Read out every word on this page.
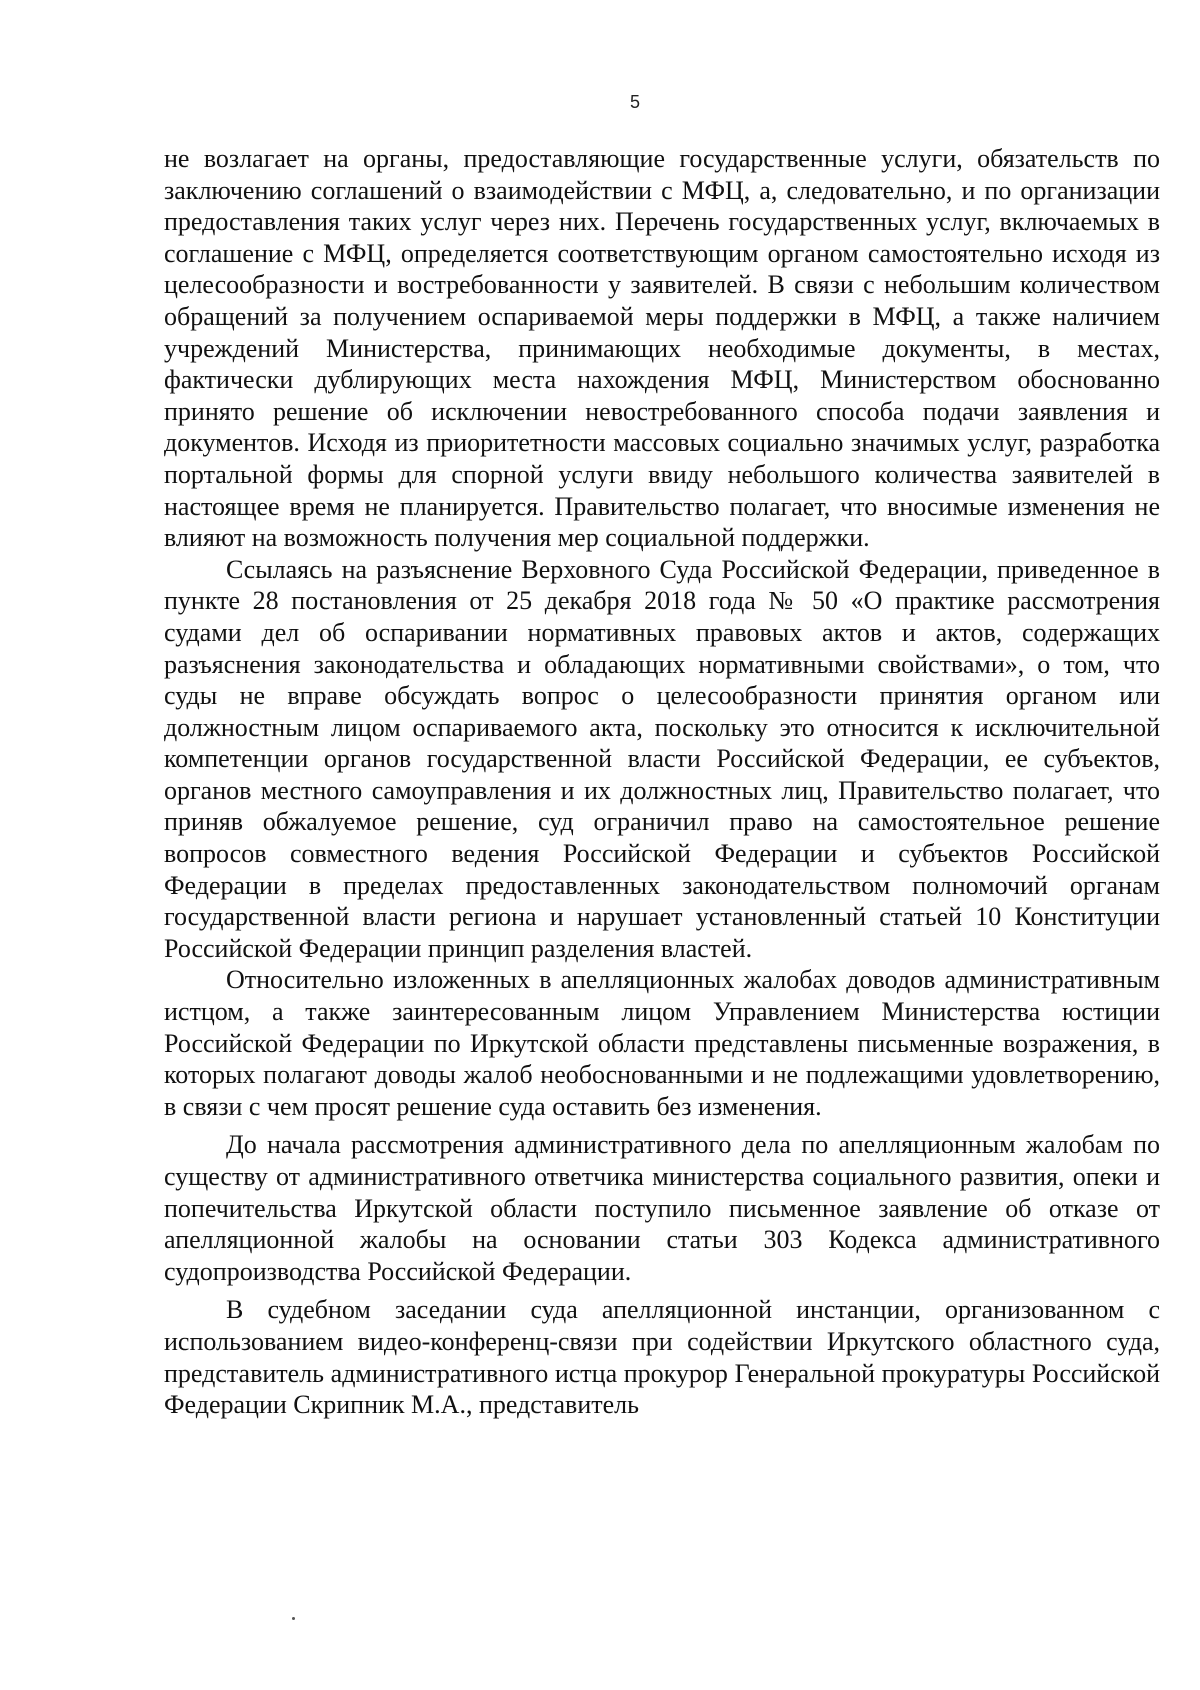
5

не возлагает на органы, предоставляющие государственные услуги, обязательств по заключению соглашений о взаимодействии с МФЦ, а, следовательно, и по организации предоставления таких услуг через них. Перечень государственных услуг, включаемых в соглашение с МФЦ, определяется соответствующим органом самостоятельно исходя из целесообразности и востребованности у заявителей. В связи с небольшим количеством обращений за получением оспариваемой меры поддержки в МФЦ, а также наличием учреждений Министерства, принимающих необходимые документы, в местах, фактически дублирующих места нахождения МФЦ, Министерством обоснованно принято решение об исключении невостребованного способа подачи заявления и документов. Исходя из приоритетности массовых социально значимых услуг, разработка портальной формы для спорной услуги ввиду небольшого количества заявителей в настоящее время не планируется. Правительство полагает, что вносимые изменения не влияют на возможность получения мер социальной поддержки.

Ссылаясь на разъяснение Верховного Суда Российской Федерации, приведенное в пункте 28 постановления от 25 декабря 2018 года № 50 «О практике рассмотрения судами дел об оспаривании нормативных правовых актов и актов, содержащих разъяснения законодательства и обладающих нормативными свойствами», о том, что суды не вправе обсуждать вопрос о целесообразности принятия органом или должностным лицом оспариваемого акта, поскольку это относится к исключительной компетенции органов государственной власти Российской Федерации, ее субъектов, органов местного самоуправления и их должностных лиц, Правительство полагает, что приняв обжалуемое решение, суд ограничил право на самостоятельное решение вопросов совместного ведения Российской Федерации и субъектов Российской Федерации в пределах предоставленных законодательством полномочий органам государственной власти региона и нарушает установленный статьей 10 Конституции Российской Федерации принцип разделения властей.

Относительно изложенных в апелляционных жалобах доводов административным истцом, а также заинтересованным лицом Управлением Министерства юстиции Российской Федерации по Иркутской области представлены письменные возражения, в которых полагают доводы жалоб необоснованными и не подлежащими удовлетворению, в связи с чем просят решение суда оставить без изменения.

До начала рассмотрения административного дела по апелляционным жалобам по существу от административного ответчика министерства социального развития, опеки и попечительства Иркутской области поступило письменное заявление об отказе от апелляционной жалобы на основании статьи 303 Кодекса административного судопроизводства Российской Федерации.

В судебном заседании суда апелляционной инстанции, организованном с использованием видео-конференц-связи при содействии Иркутского областного суда, представитель административного истца прокурор Генеральной прокуратуры Российской Федерации Скрипник М.А., представитель
